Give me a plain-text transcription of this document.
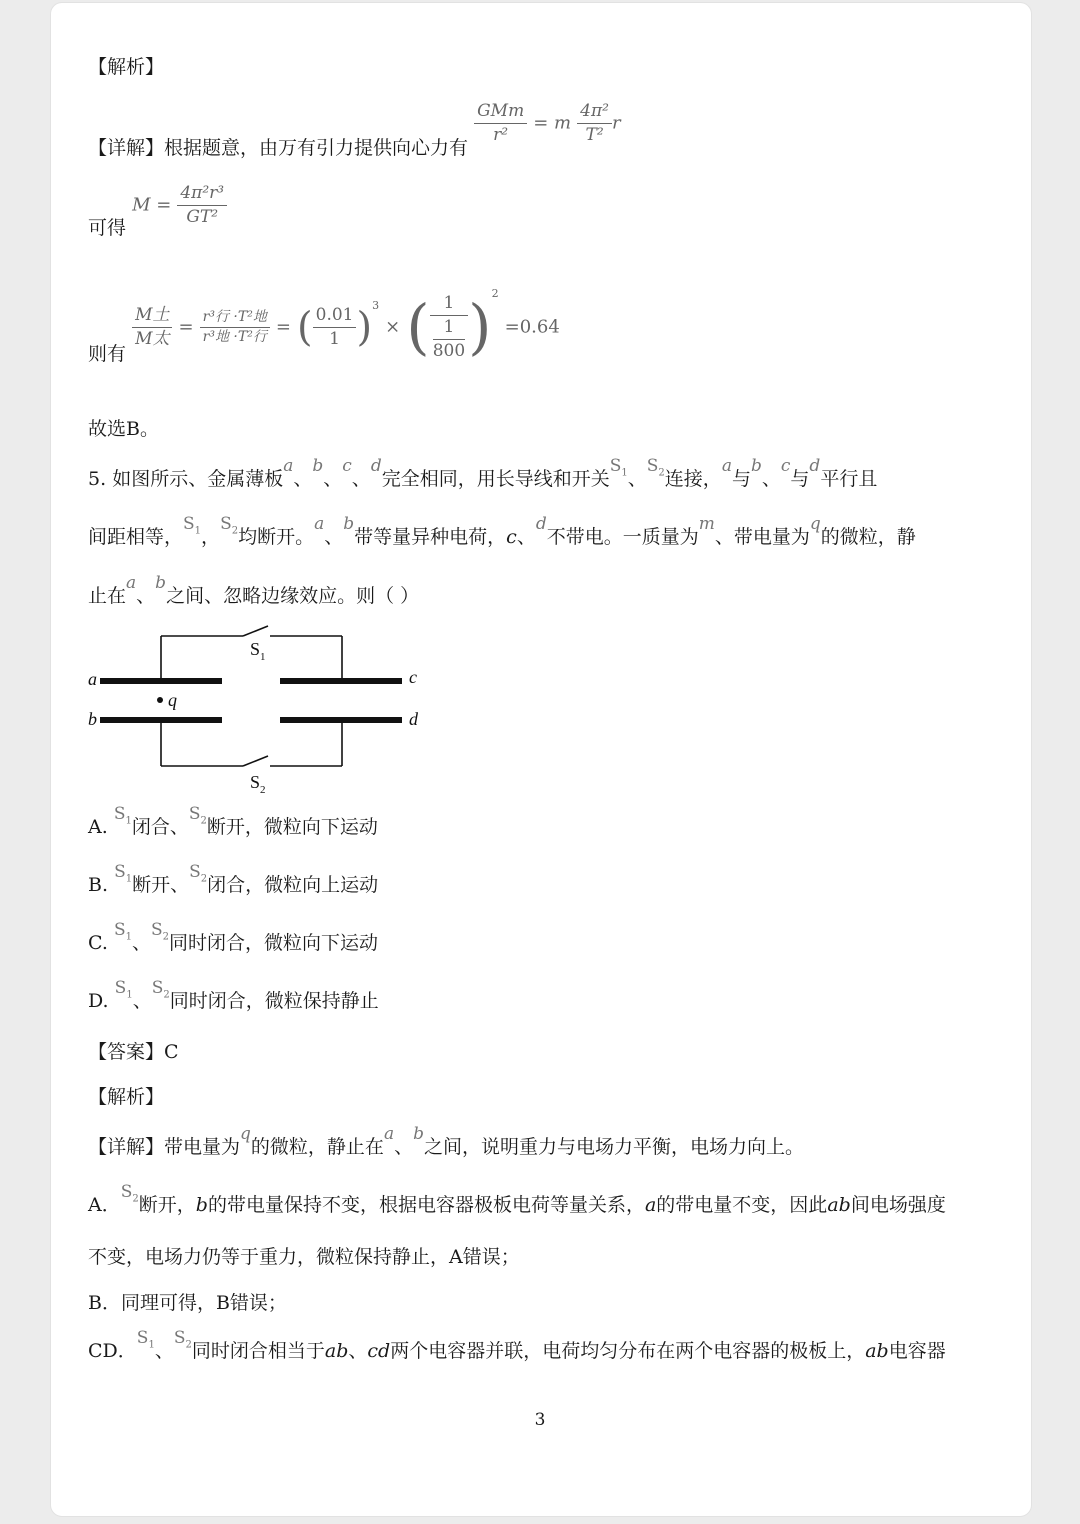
【解析】
【详解】根据题意，由万有引力提供向心力有
GMm
r²
= m $\frac{\text{4π²}}{\text{T²}}$ r
可得 $M = \frac{\text{4π²r³}}{\text{GT²}}$
则有
M土
M太
= r³行 ·T²地
r³地 ·T²行 = ( $\frac{0.01}{1} )^3$ × ( 1
1
800 )$^2$ =0.64
故选B。
5. 如图所示、金属薄板a、b、c、d完全相同，用长导线和开关$S_1$、$S_2$连接，a与b、c与d平行且
间距相等，$S_1$，$S_2$均断开。a、b带等量异种电荷，c、d不带电。一质量为m、带电量为q的微粒，静
止在a、b之间、忽略边缘效应。则（ ）
a
b
c
d
q
$S_1$
$S_2$
A. $S_1$闭合、$S_2$断开，微粒向下运动
B. $S_1$断开、$S_2$闭合，微粒向上运动
C. $S_1$、$S_2$同时闭合，微粒向下运动
D. $S_1$、$S_2$同时闭合，微粒保持静止
【答案】C
【解析】
【详解】带电量为q的微粒，静止在a、b之间，说明重力与电场力平衡，电场力向上。
A．$S_2$断开，b的带电量保持不变，根据电容器极板电荷等量关系，a的带电量不变，因此ab间电场强度
不变，电场力仍等于重力，微粒保持静止，A错误；
B．同理可得，B错误；
CD．$S_1$、$S_2$同时闭合相当于ab、cd两个电容器并联，电荷均匀分布在两个电容器的极板上，ab电容器
3
